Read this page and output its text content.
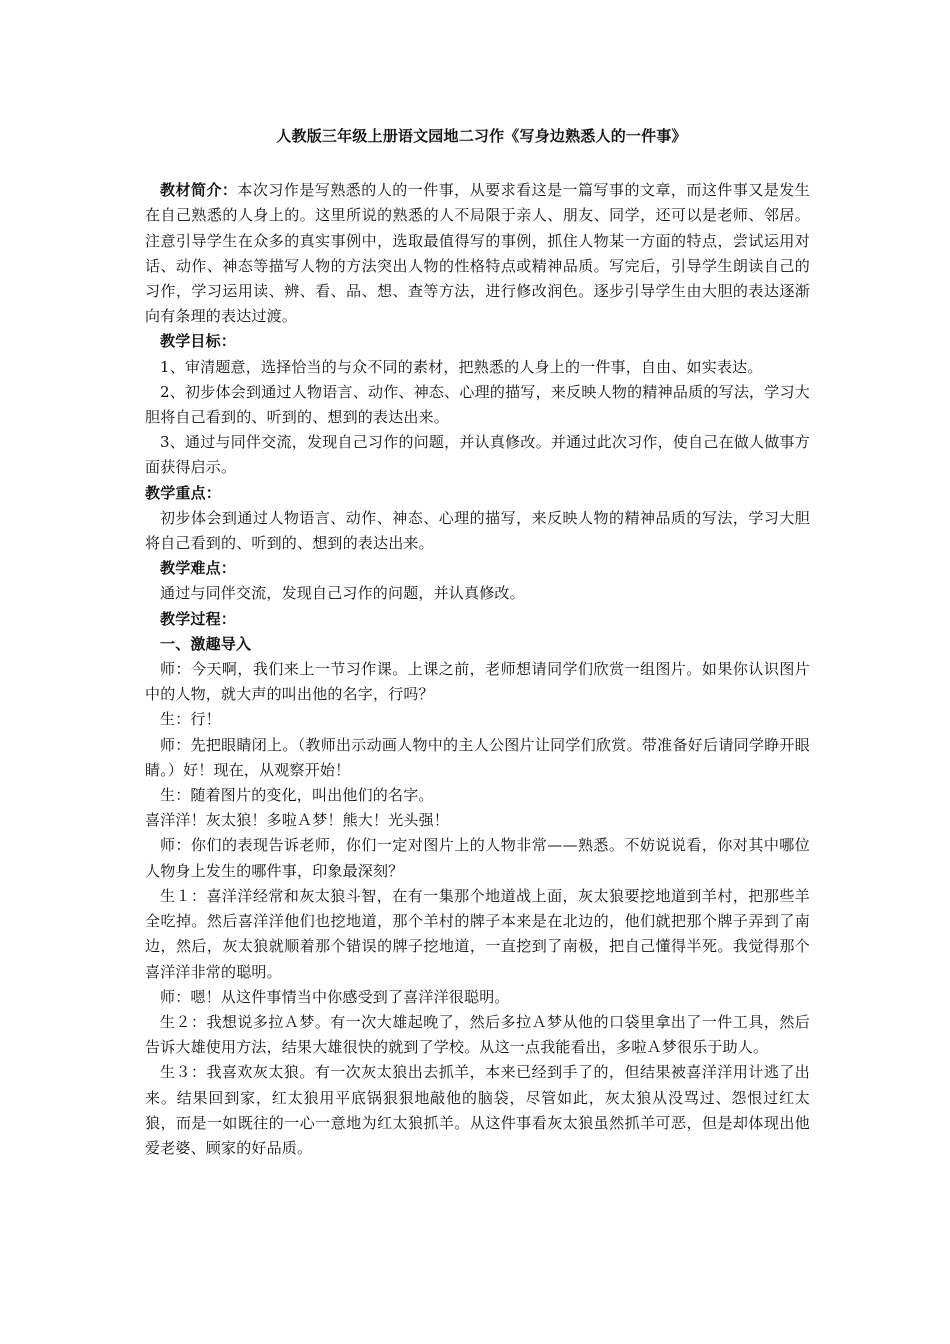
人教版三年级上册语文园地二习作《写身边熟悉人的一件事》

教材简介：本次习作是写熟悉的人的一件事，从要求看这是一篇写事的文章，而这件事又是发生在自己熟悉的人身上的。这里所说的熟悉的人不局限于亲人、朋友、同学，还可以是老师、邻居。注意引导学生在众多的真实事例中，选取最值得写的事例，抓住人物某一方面的特点，尝试运用对话、动作、神态等描写人物的方法突出人物的性格特点或精神品质。写完后，引导学生朗读自己的习作，学习运用读、辨、看、品、想、查等方法，进行修改润色。逐步引导学生由大胆的表达逐渐向有条理的表达过渡。

教学目标：

1、审清题意，选择恰当的与众不同的素材，把熟悉的人身上的一件事，自由、如实表达。

2、初步体会到通过人物语言、动作、神态、心理的描写，来反映人物的精神品质的写法，学习大胆将自己看到的、听到的、想到的表达出来。

3、通过与同伴交流，发现自己习作的问题，并认真修改。并通过此次习作，使自己在做人做事方面获得启示。

教学重点：

初步体会到通过人物语言、动作、神态、心理的描写，来反映人物的精神品质的写法，学习大胆将自己看到的、听到的、想到的表达出来。

教学难点：

通过与同伴交流，发现自己习作的问题，并认真修改。

教学过程：

一、激趣导入

师：今天啊，我们来上一节习作课。上课之前，老师想请同学们欣赏一组图片。如果你认识图片中的人物，就大声的叫出他的名字，行吗？

生：行！

师：先把眼睛闭上。（教师出示动画人物中的主人公图片让同学们欣赏。带准备好后请同学睁开眼睛。）好！现在，从观察开始！

生：随着图片的变化，叫出他们的名字。

喜洋洋！灰太狼！多啦Ａ梦！熊大！光头强！

师：你们的表现告诉老师，你们一定对图片上的人物非常——熟悉。不妨说说看，你对其中哪位人物身上发生的哪件事，印象最深刻？

生１：喜洋洋经常和灰太狼斗智，在有一集那个地道战上面，灰太狼要挖地道到羊村，把那些羊全吃掉。然后喜洋洋他们也挖地道，那个羊村的牌子本来是在北边的，他们就把那个牌子弄到了南边，然后，灰太狼就顺着那个错误的牌子挖地道，一直挖到了南极，把自己懂得半死。我觉得那个喜洋洋非常的聪明。

师：嗯！从这件事情当中你感受到了喜洋洋很聪明。

生２：我想说多拉Ａ梦。有一次大雄起晚了，然后多拉Ａ梦从他的口袋里拿出了一件工具，然后告诉大雄使用方法，结果大雄很快的就到了学校。从这一点我能看出，多啦Ａ梦很乐于助人。

生３：我喜欢灰太狼。有一次灰太狼出去抓羊，本来已经到手了的，但结果被喜洋洋用计逃了出来。结果回到家，红太狼用平底锅狠狠地敲他的脑袋，尽管如此，灰太狼从没骂过、怨恨过红太狼，而是一如既往的一心一意地为红太狼抓羊。从这件事看灰太狼虽然抓羊可恶，但是却体现出他爱老婆、顾家的好品质。
